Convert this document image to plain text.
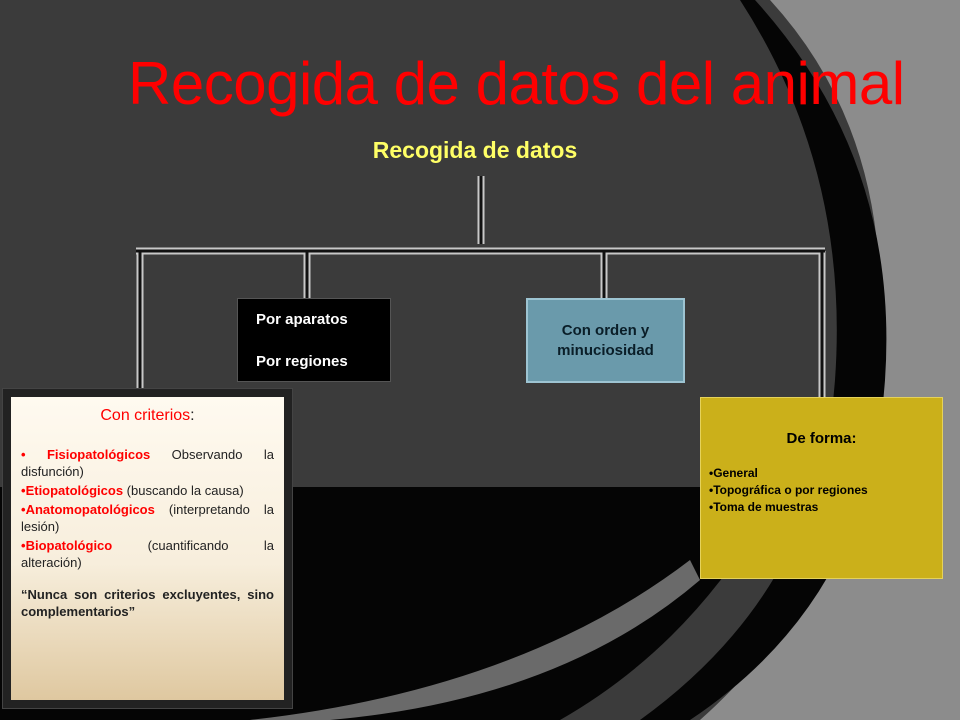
Recogida de datos del animal
Recogida de datos
Por aparatos
Por regiones
Con orden y minuciosidad
Con criterios:
• Fisiopatológicos Observando la disfunción)
•Etiopatológicos (buscando la causa)
•Anatomopatológicos (interpretando la lesión)
•Biopatológico (cuantificando la alteración)
“Nunca son criterios excluyentes, sino complementarios”
De forma:
•General
•Topográfica o por regiones
•Toma de muestras
